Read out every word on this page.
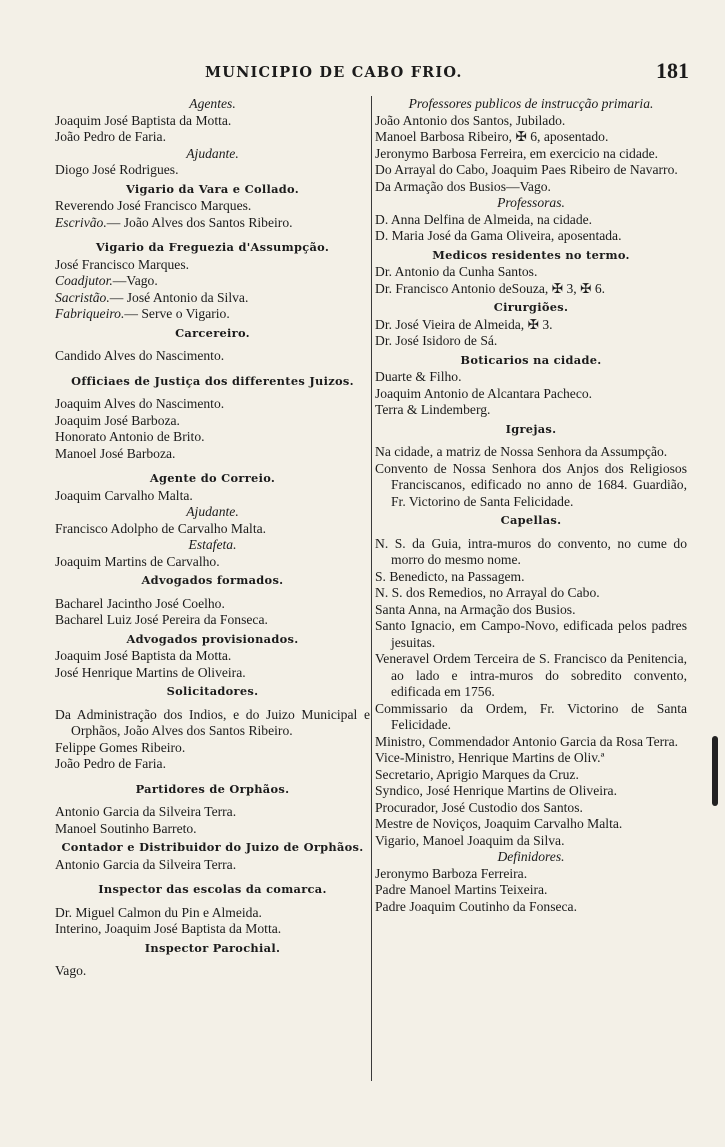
MUNICIPIO DE CABO FRIO.	181
Agentes.
Joaquim José Baptista da Motta.
João Pedro de Faria.
Ajudante.
Diogo José Rodrigues.
Vigario da Vara e Collado.
Reverendo José Francisco Marques.
Escrivão.— João Alves dos Santos Ribeiro.
Vigario da Freguezia d'Assumpção.
José Francisco Marques.
Coadjutor.—Vago.
Sacristão.— José Antonio da Silva.
Fabriqueiro.— Serve o Vigario.
Carcereiro.
Candido Alves do Nascimento.
Officiaes de Justiça dos differentes Juizos.
Joaquim Alves do Nascimento.
Joaquim José Barboza.
Honorato Antonio de Brito.
Manoel José Barboza.
Agente do Correio.
Joaquim Carvalho Malta.
Ajudante.
Francisco Adolpho de Carvalho Malta.
Estafeta.
Joaquim Martins de Carvalho.
Advogados formados.
Bacharel Jacintho José Coelho.
Bacharel Luiz José Pereira da Fonseca.
Advogados provisionados.
Joaquim José Baptista da Motta.
José Henrique Martins de Oliveira.
Solicitadores.
Da Administração dos Indios, e do Juizo Municipal e Orphãos, João Alves dos Santos Ribeiro.
Felippe Gomes Ribeiro.
João Pedro de Faria.
Partidores de Orphãos.
Antonio Garcia da Silveira Terra.
Manoel Soutinho Barreto.
Contador e Distribuidor do Juizo de Orphãos.
Antonio Garcia da Silveira Terra.
Inspector das escolas da comarca.
Dr. Miguel Calmon du Pin e Almeida.
Interino, Joaquim José Baptista da Motta.
Inspector Parochial.
Vago.
Professores publicos de instrucção primaria.
João Antonio dos Santos, Jubilado.
Manoel Barbosa Ribeiro, ✠ 6, aposentado.
Jeronymo Barbosa Ferreira, em exercicio na cidade.
Do Arrayal do Cabo, Joaquim Paes Ribeiro de Navarro.
Da Armação dos Busios—Vago.
Professoras.
D. Anna Delfina de Almeida, na cidade.
D. Maria José da Gama Oliveira, aposentada.
Medicos residentes no termo.
Dr. Antonio da Cunha Santos.
Dr. Francisco Antonio deSouza, ✠ 3, ✠ 6.
Cirurgiões.
Dr. José Vieira de Almeida, ✠ 3.
Dr. José Isidoro de Sá.
Boticarios na cidade.
Duarte & Filho.
Joaquim Antonio de Alcantara Pacheco.
Terra & Lindemberg.
Igrejas.
Na cidade, a matriz de Nossa Senhora da Assumpção.
Convento de Nossa Senhora dos Anjos dos Religiosos Franciscanos, edificado no anno de 1684. Guardião, Fr. Victorino de Santa Felicidade.
Capellas.
N. S. da Guia, intra-muros do convento, no cume do morro do mesmo nome.
S. Benedicto, na Passagem.
N. S. dos Remedios, no Arrayal do Cabo.
Santa Anna, na Armação dos Busios.
Santo Ignacio, em Campo-Novo, edificada pelos padres jesuitas.
Veneravel Ordem Terceira de S. Francisco da Penitencia, ao lado e intra-muros do sobredito convento, edificada em 1756.
Commissario da Ordem, Fr. Victorino de Santa Felicidade.
Ministro, Commendador Antonio Garcia da Rosa Terra.
Vice-Ministro, Henrique Martins de Oliv.ª
Secretario, Aprigio Marques da Cruz.
Syndico, José Henrique Martins de Oliveira.
Procurador, José Custodio dos Santos.
Mestre de Noviços, Joaquim Carvalho Malta.
Vigario, Manoel Joaquim da Silva.
Definidores.
Jeronymo Barboza Ferreira.
Padre Manoel Martins Teixeira.
Padre Joaquim Coutinho da Fonseca.
